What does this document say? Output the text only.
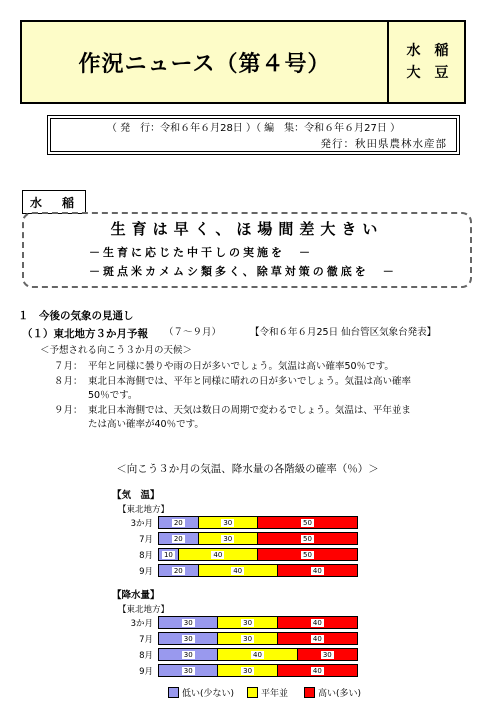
作況ニュース（第４号）
水　稲
大　豆
（ 発　行：令和６年６月28日 ）（ 編　集：令和６年６月27日 ）
発行：秋田県農林水産部
水　稲
生育は早く、ほ場間差大きい
－生育に応じた中干しの実施を　－
－斑点米カメムシ類多く、除草対策の徹底を　－
１　今後の気象の見通し
（１）東北地方３か月予報 （７～９月）	【令和６年６月25日 仙台管区気象台発表】
＜予想される向こう３か月の天候＞
７月： 平年と同様に曇りや雨の日が多いでしょう。気温は高い確率50％です。
８月： 東北日本海側では、平年と同様に晴れの日が多いでしょう。気温は高い確率
50％です。
９月： 東北日本海側では、天気は数日の周期で変わるでしょう。気温は、平年並ま
たは高い確率が40％です。
＜向こう３か月の気温、降水量の各階級の確率（％）＞
【気　温】
【東北地方】
3か月	20	30	50
7月	20	30	50
8月 10	40	50
9月	20	40	40
【降水量】
【東北地方】
3か月	30	30	40
7月	30	30	40
8月	30	40	30
9月	30	30	40
低い(少ない)	平年並	高い(多い)
